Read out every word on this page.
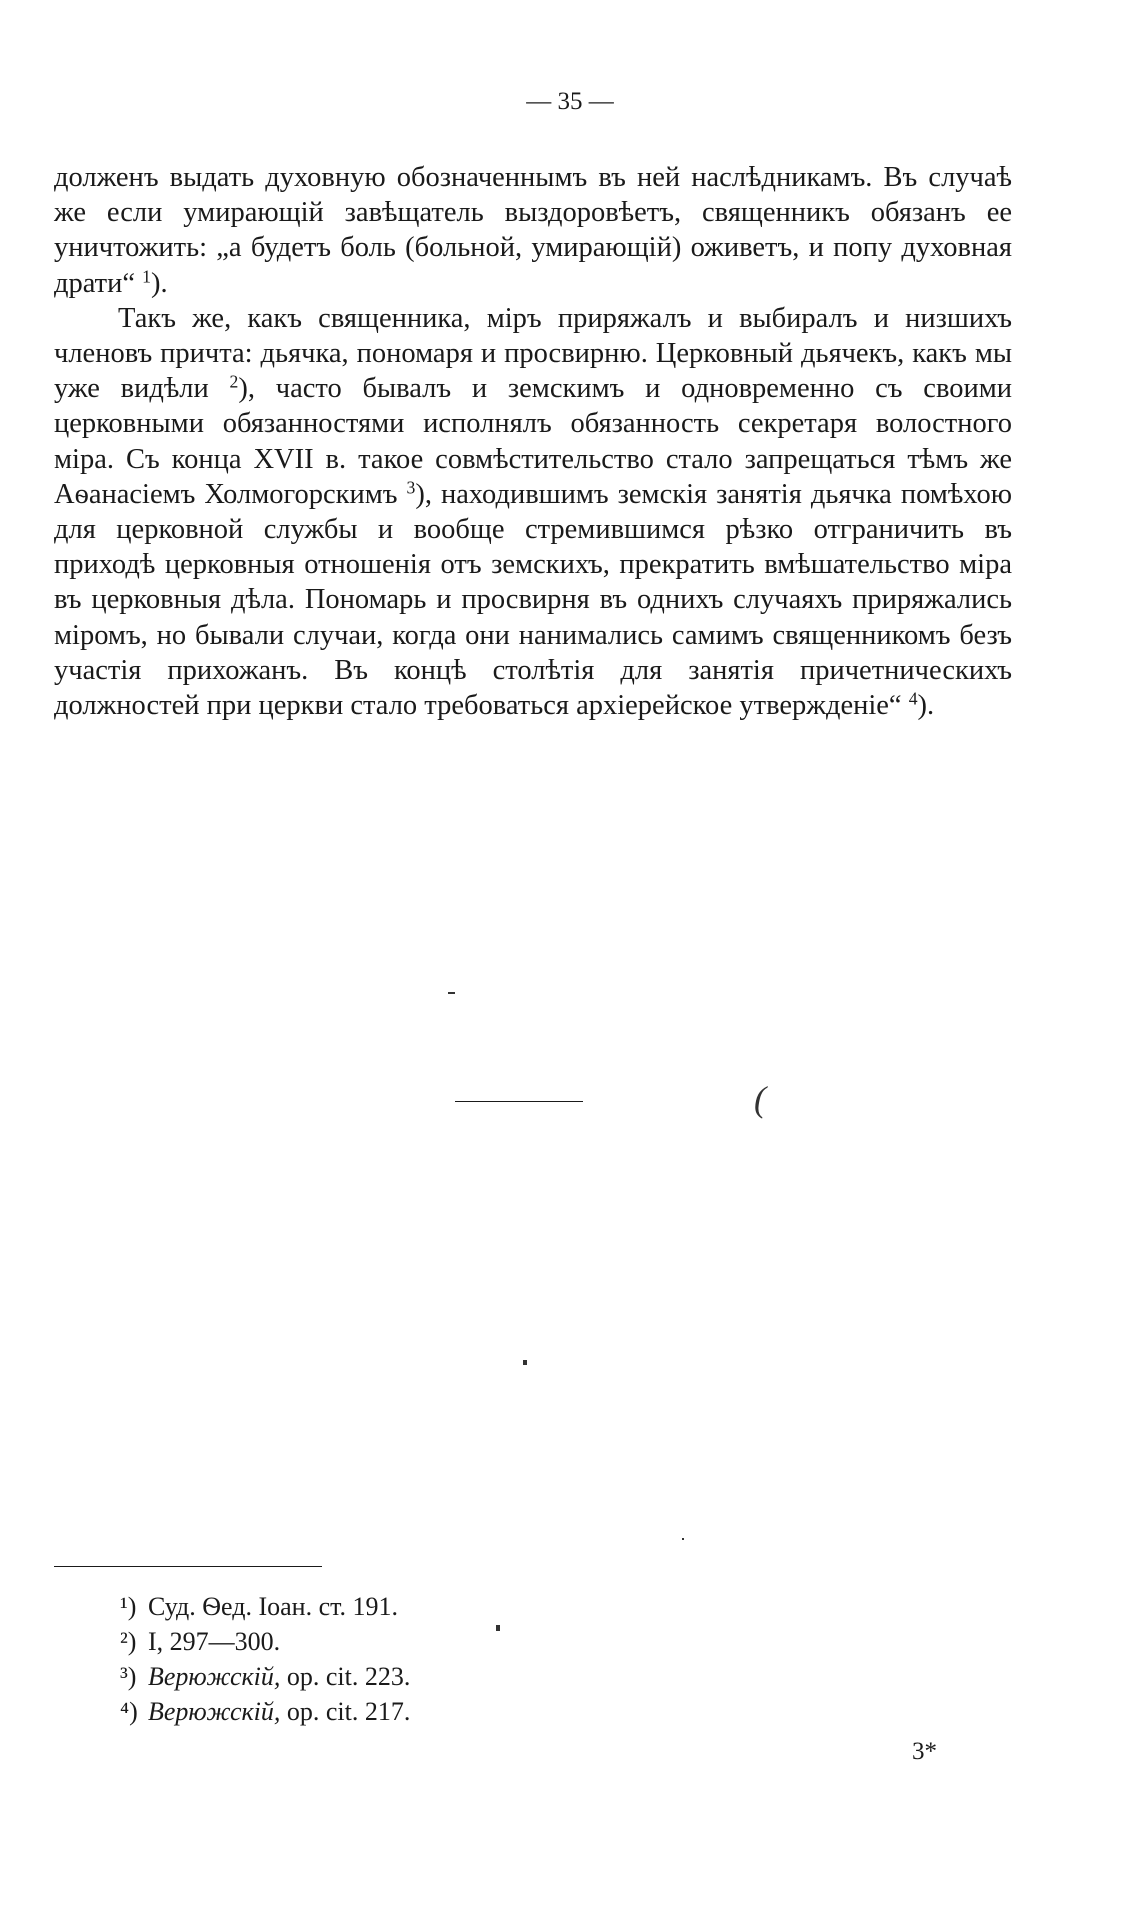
— 35 —

долженъ выдать духовную обозначеннымъ въ ней наслѣдникамъ. Въ случаѣ же если умирающій завѣщатель выздоровѣетъ, священникъ обязанъ ее уничтожить: „а будетъ боль (больной, умирающій) оживетъ, и попу духовная драти“ $^1$).

Такъ же, какъ священника, міръ приряжалъ и выбиралъ и низшихъ членовъ причта: дьячка, пономаря и просвирню. Церковный дьячекъ, какъ мы уже видѣли $^2$), часто бывалъ и земскимъ и одновременно съ своими церковными обязанностями исполнялъ обязанность секретаря волостного міра. Съ конца XVII в. такое совмѣстительство стало запрещаться тѣмъ же Аѳанасіемъ Холмогорскимъ $^3$), находившимъ земскія занятія дьячка помѣхою для церковной службы и вообще стремившимся рѣзко отграничить въ приходѣ церковныя отношенія отъ земскихъ, прекратить вмѣшательство міра въ церковныя дѣла. Пономарь и просвирня въ однихъ случаяхъ приряжались міромъ, но бывали случаи, когда они нанимались самимъ священникомъ безъ участія прихожанъ. Въ концѣ столѣтія для занятія причетническихъ должностей при церкви стало требоваться архіерейское утвержденіе“ $^4$).

(
¹) Суд. Ѳед. Іоан. ст. 191.
²) I, 297—300.
³) Верюжскій, op. cit. 223.
⁴) Верюжскій, op. cit. 217.
3*
